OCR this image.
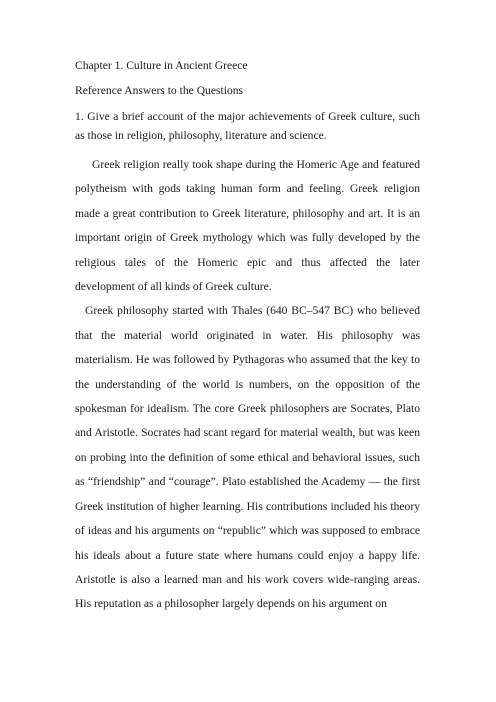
Chapter 1. Culture in Ancient Greece
Reference Answers to the Questions
1. Give a brief account of the major achievements of Greek culture, such as those in religion, philosophy, literature and science.

Greek religion really took shape during the Homeric Age and featured polytheism with gods taking human form and feeling. Greek religion made a great contribution to Greek literature, philosophy and art. It is an important origin of Greek mythology which was fully developed by the religious tales of the Homeric epic and thus affected the later development of all kinds of Greek culture.

Greek philosophy started with Thales (640 BC–547 BC) who believed that the material world originated in water. His philosophy was materialism. He was followed by Pythagoras who assumed that the key to the understanding of the world is numbers, on the opposition of the spokesman for idealism. The core Greek philosophers are Socrates, Plato and Aristotle. Socrates had scant regard for material wealth, but was keen on probing into the definition of some ethical and behavioral issues, such as “friendship” and “courage”. Plato established the Academy — the first Greek institution of higher learning. His contributions included his theory of ideas and his arguments on “republic” which was supposed to embrace his ideals about a future state where humans could enjoy a happy life. Aristotle is also a learned man and his work covers wide-ranging areas. His reputation as a philosopher largely depends on his argument on
